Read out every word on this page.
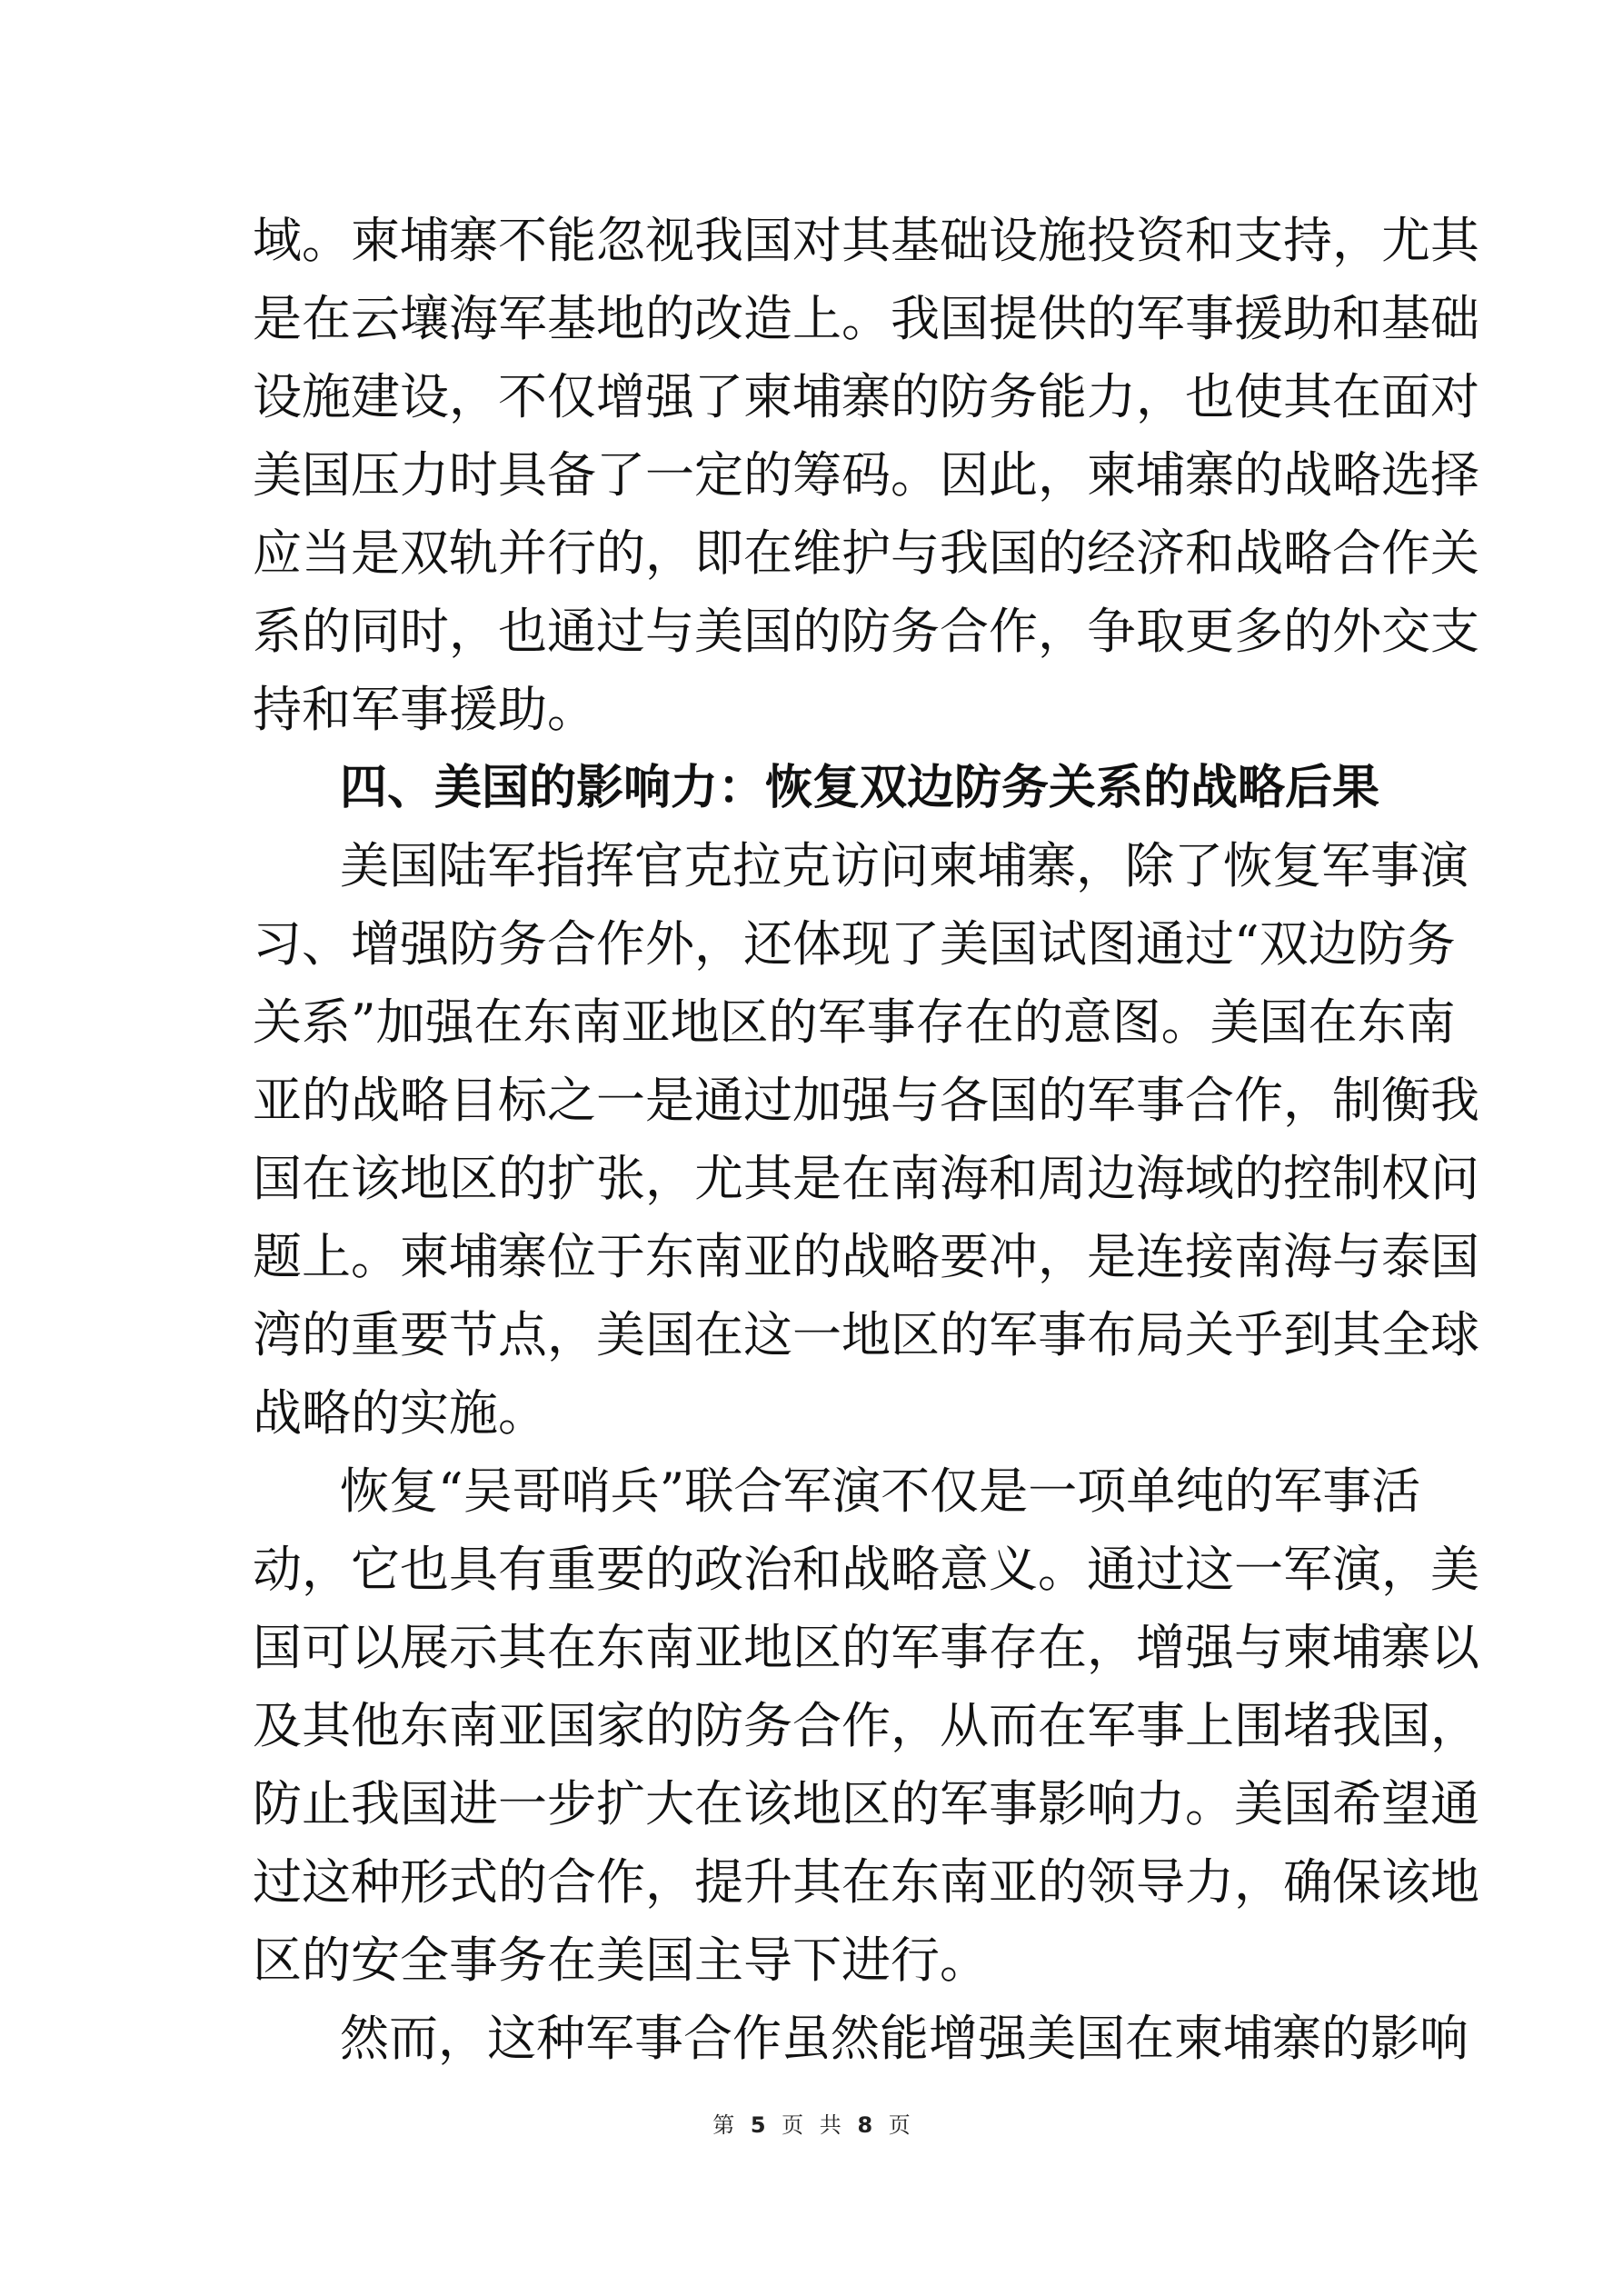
域。柬埔寨不能忽视我国对其基础设施投资和支持，尤其
是在云壤海军基地的改造上。我国提供的军事援助和基础
设施建设，不仅增强了柬埔寨的防务能力，也使其在面对
美国压力时具备了一定的筹码。因此，柬埔寨的战略选择
应当是双轨并行的，即在维护与我国的经济和战略合作关
系的同时，也通过与美国的防务合作，争取更多的外交支
持和军事援助。
四、美国的影响力：恢复双边防务关系的战略后果
美国陆军指挥官克拉克访问柬埔寨，除了恢复军事演
习、增强防务合作外，还体现了美国试图通过“双边防务
关系”加强在东南亚地区的军事存在的意图。美国在东南
亚的战略目标之一是通过加强与各国的军事合作，制衡我
国在该地区的扩张，尤其是在南海和周边海域的控制权问
题上。柬埔寨位于东南亚的战略要冲，是连接南海与泰国
湾的重要节点，美国在这一地区的军事布局关乎到其全球
战略的实施。
恢复“吴哥哨兵”联合军演不仅是一项单纯的军事活
动，它也具有重要的政治和战略意义。通过这一军演，美
国可以展示其在东南亚地区的军事存在，增强与柬埔寨以
及其他东南亚国家的防务合作，从而在军事上围堵我国，
防止我国进一步扩大在该地区的军事影响力。美国希望通
过这种形式的合作，提升其在东南亚的领导力，确保该地
区的安全事务在美国主导下进行。
然而，这种军事合作虽然能增强美国在柬埔寨的影响
第 5 页 共 8 页
